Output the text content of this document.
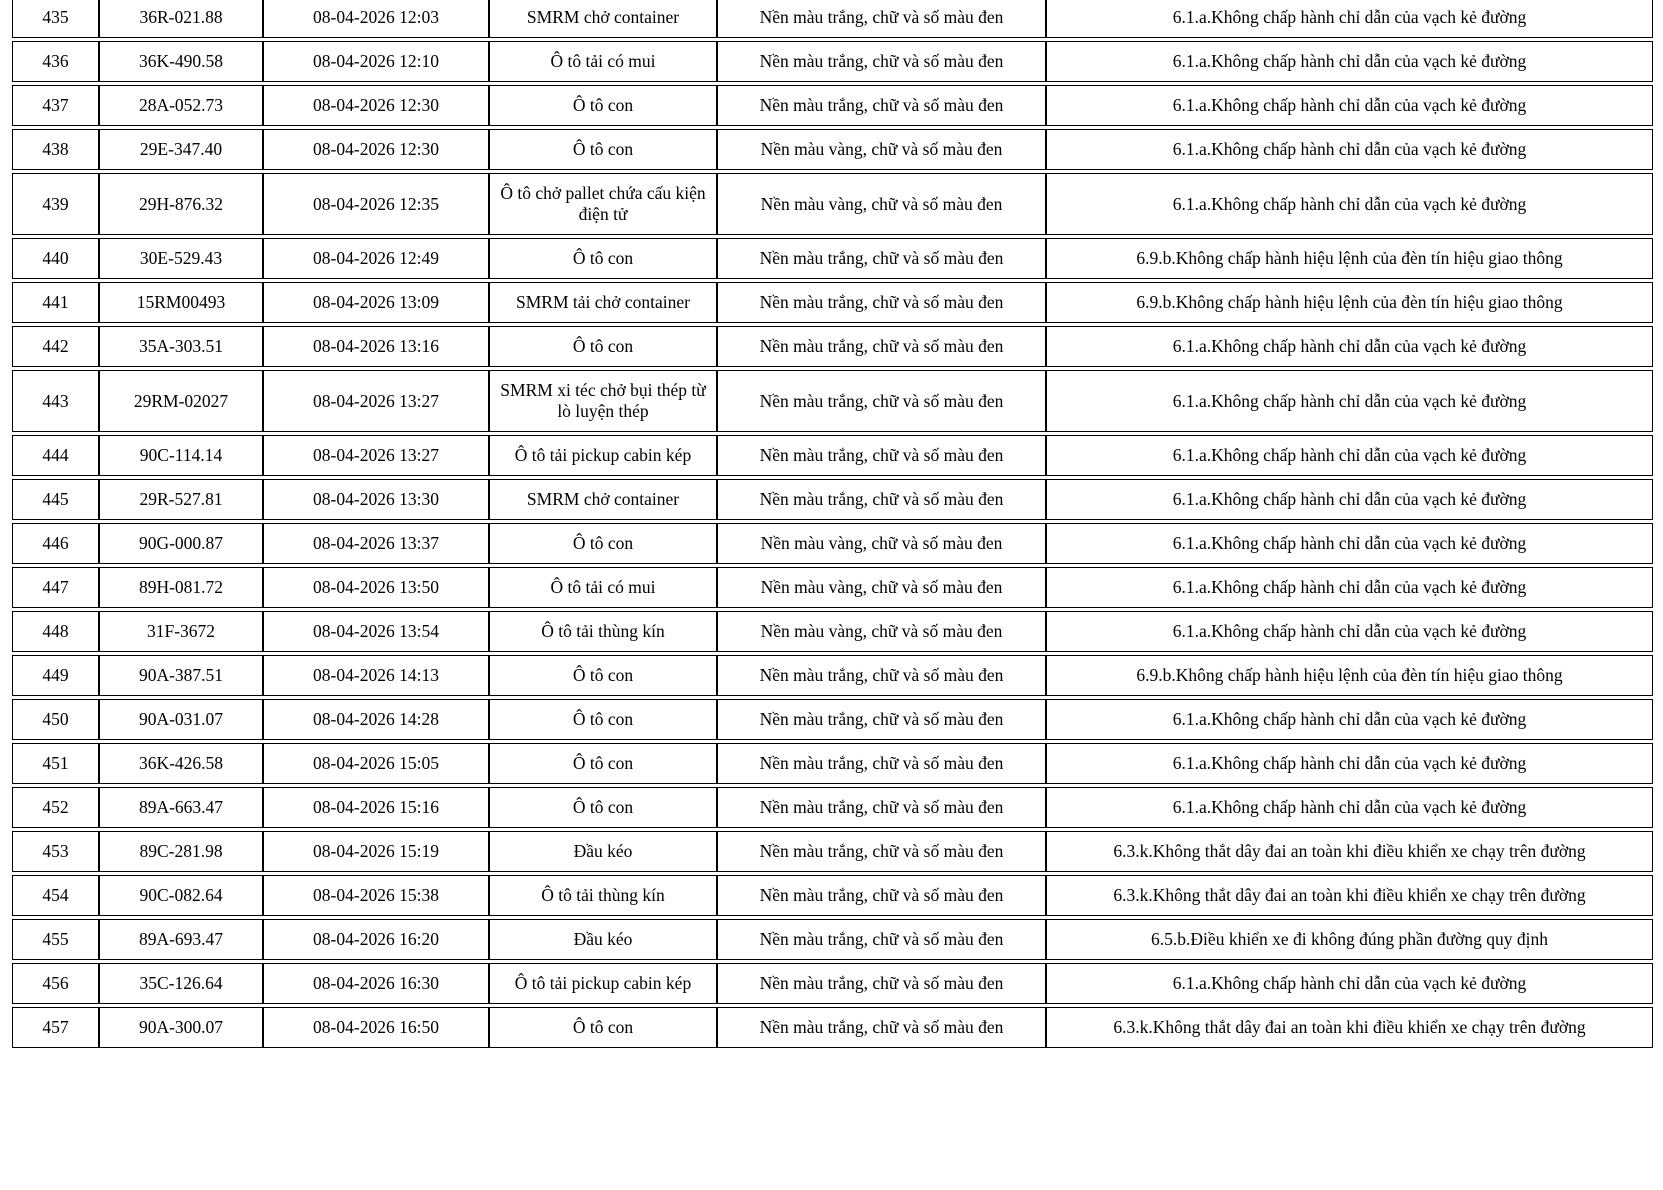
435	36R-021.88	08-04-2026 12:03	SMRM chở container	Nền màu trắng, chữ và số màu đen	6.1.a.Không chấp hành chỉ dẫn của vạch kẻ đường
436	36K-490.58	08-04-2026 12:10	Ô tô tải có mui	Nền màu trắng, chữ và số màu đen	6.1.a.Không chấp hành chỉ dẫn của vạch kẻ đường
437	28A-052.73	08-04-2026 12:30	Ô tô con	Nền màu trắng, chữ và số màu đen	6.1.a.Không chấp hành chỉ dẫn của vạch kẻ đường
438	29E-347.40	08-04-2026 12:30	Ô tô con	Nền màu vàng, chữ và số màu đen	6.1.a.Không chấp hành chỉ dẫn của vạch kẻ đường
439	29H-876.32	08-04-2026 12:35	Ô tô chở pallet chứa cấu kiện điện tử	Nền màu vàng, chữ và số màu đen	6.1.a.Không chấp hành chỉ dẫn của vạch kẻ đường
440	30E-529.43	08-04-2026 12:49	Ô tô con	Nền màu trắng, chữ và số màu đen	6.9.b.Không chấp hành hiệu lệnh của đèn tín hiệu giao thông
441	15RM00493	08-04-2026 13:09	SMRM tải chở container	Nền màu trắng, chữ và số màu đen	6.9.b.Không chấp hành hiệu lệnh của đèn tín hiệu giao thông
442	35A-303.51	08-04-2026 13:16	Ô tô con	Nền màu trắng, chữ và số màu đen	6.1.a.Không chấp hành chỉ dẫn của vạch kẻ đường
443	29RM-02027	08-04-2026 13:27	SMRM xi téc chở bụi thép từ lò luyện thép	Nền màu trắng, chữ và số màu đen	6.1.a.Không chấp hành chỉ dẫn của vạch kẻ đường
444	90C-114.14	08-04-2026 13:27	Ô tô tải pickup cabin kép	Nền màu trắng, chữ và số màu đen	6.1.a.Không chấp hành chỉ dẫn của vạch kẻ đường
445	29R-527.81	08-04-2026 13:30	SMRM chở container	Nền màu trắng, chữ và số màu đen	6.1.a.Không chấp hành chỉ dẫn của vạch kẻ đường
446	90G-000.87	08-04-2026 13:37	Ô tô con	Nền màu vàng, chữ và số màu đen	6.1.a.Không chấp hành chỉ dẫn của vạch kẻ đường
447	89H-081.72	08-04-2026 13:50	Ô tô tải có mui	Nền màu vàng, chữ và số màu đen	6.1.a.Không chấp hành chỉ dẫn của vạch kẻ đường
448	31F-3672	08-04-2026 13:54	Ô tô tải thùng kín	Nền màu vàng, chữ và số màu đen	6.1.a.Không chấp hành chỉ dẫn của vạch kẻ đường
449	90A-387.51	08-04-2026 14:13	Ô tô con	Nền màu trắng, chữ và số màu đen	6.9.b.Không chấp hành hiệu lệnh của đèn tín hiệu giao thông
450	90A-031.07	08-04-2026 14:28	Ô tô con	Nền màu trắng, chữ và số màu đen	6.1.a.Không chấp hành chỉ dẫn của vạch kẻ đường
451	36K-426.58	08-04-2026 15:05	Ô tô con	Nền màu trắng, chữ và số màu đen	6.1.a.Không chấp hành chỉ dẫn của vạch kẻ đường
452	89A-663.47	08-04-2026 15:16	Ô tô con	Nền màu trắng, chữ và số màu đen	6.1.a.Không chấp hành chỉ dẫn của vạch kẻ đường
453	89C-281.98	08-04-2026 15:19	Đầu kéo	Nền màu trắng, chữ và số màu đen	6.3.k.Không thắt dây đai an toàn khi điều khiển xe chạy trên đường
454	90C-082.64	08-04-2026 15:38	Ô tô tải thùng kín	Nền màu trắng, chữ và số màu đen	6.3.k.Không thắt dây đai an toàn khi điều khiển xe chạy trên đường
455	89A-693.47	08-04-2026 16:20	Đầu kéo	Nền màu trắng, chữ và số màu đen	6.5.b.Điều khiển xe đi không đúng phần đường quy định
456	35C-126.64	08-04-2026 16:30	Ô tô tải pickup cabin kép	Nền màu trắng, chữ và số màu đen	6.1.a.Không chấp hành chỉ dẫn của vạch kẻ đường
457	90A-300.07	08-04-2026 16:50	Ô tô con	Nền màu trắng, chữ và số màu đen	6.3.k.Không thắt dây đai an toàn khi điều khiển xe chạy trên đường
